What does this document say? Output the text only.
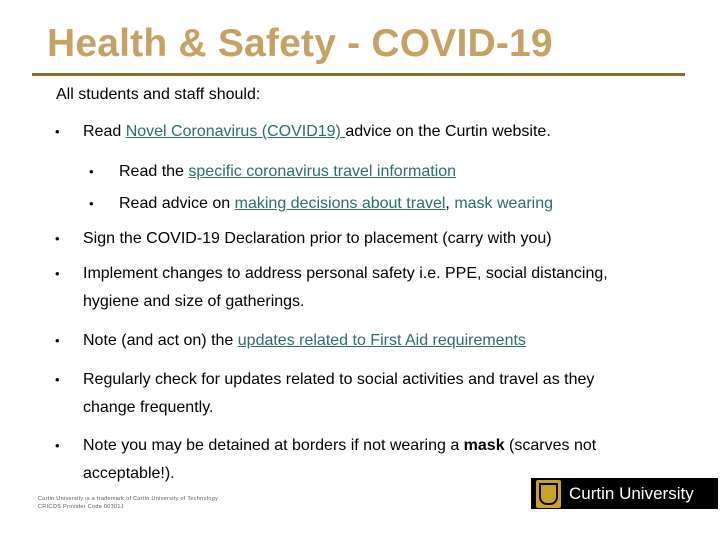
Health & Safety - COVID-19
All students and staff should:
• Read Novel Coronavirus (COVID19) advice on the Curtin website.
• Read the specific coronavirus travel information
• Read advice on making decisions about travel, mask wearing
• Sign the COVID-19 Declaration prior to placement (carry with you)
• Implement changes to address personal safety i.e. PPE, social distancing,
hygiene and size of gatherings.
• Note (and act on) the updates related to First Aid requirements
• Regularly check for updates related to social activities and travel as they
change frequently.
• Note you may be detained at borders if not wearing a mask (scarves not
acceptable!).
Curtin University is a trademark of Curtin University of Technology
CRICOS Provider Code 00301J
Curtin University
